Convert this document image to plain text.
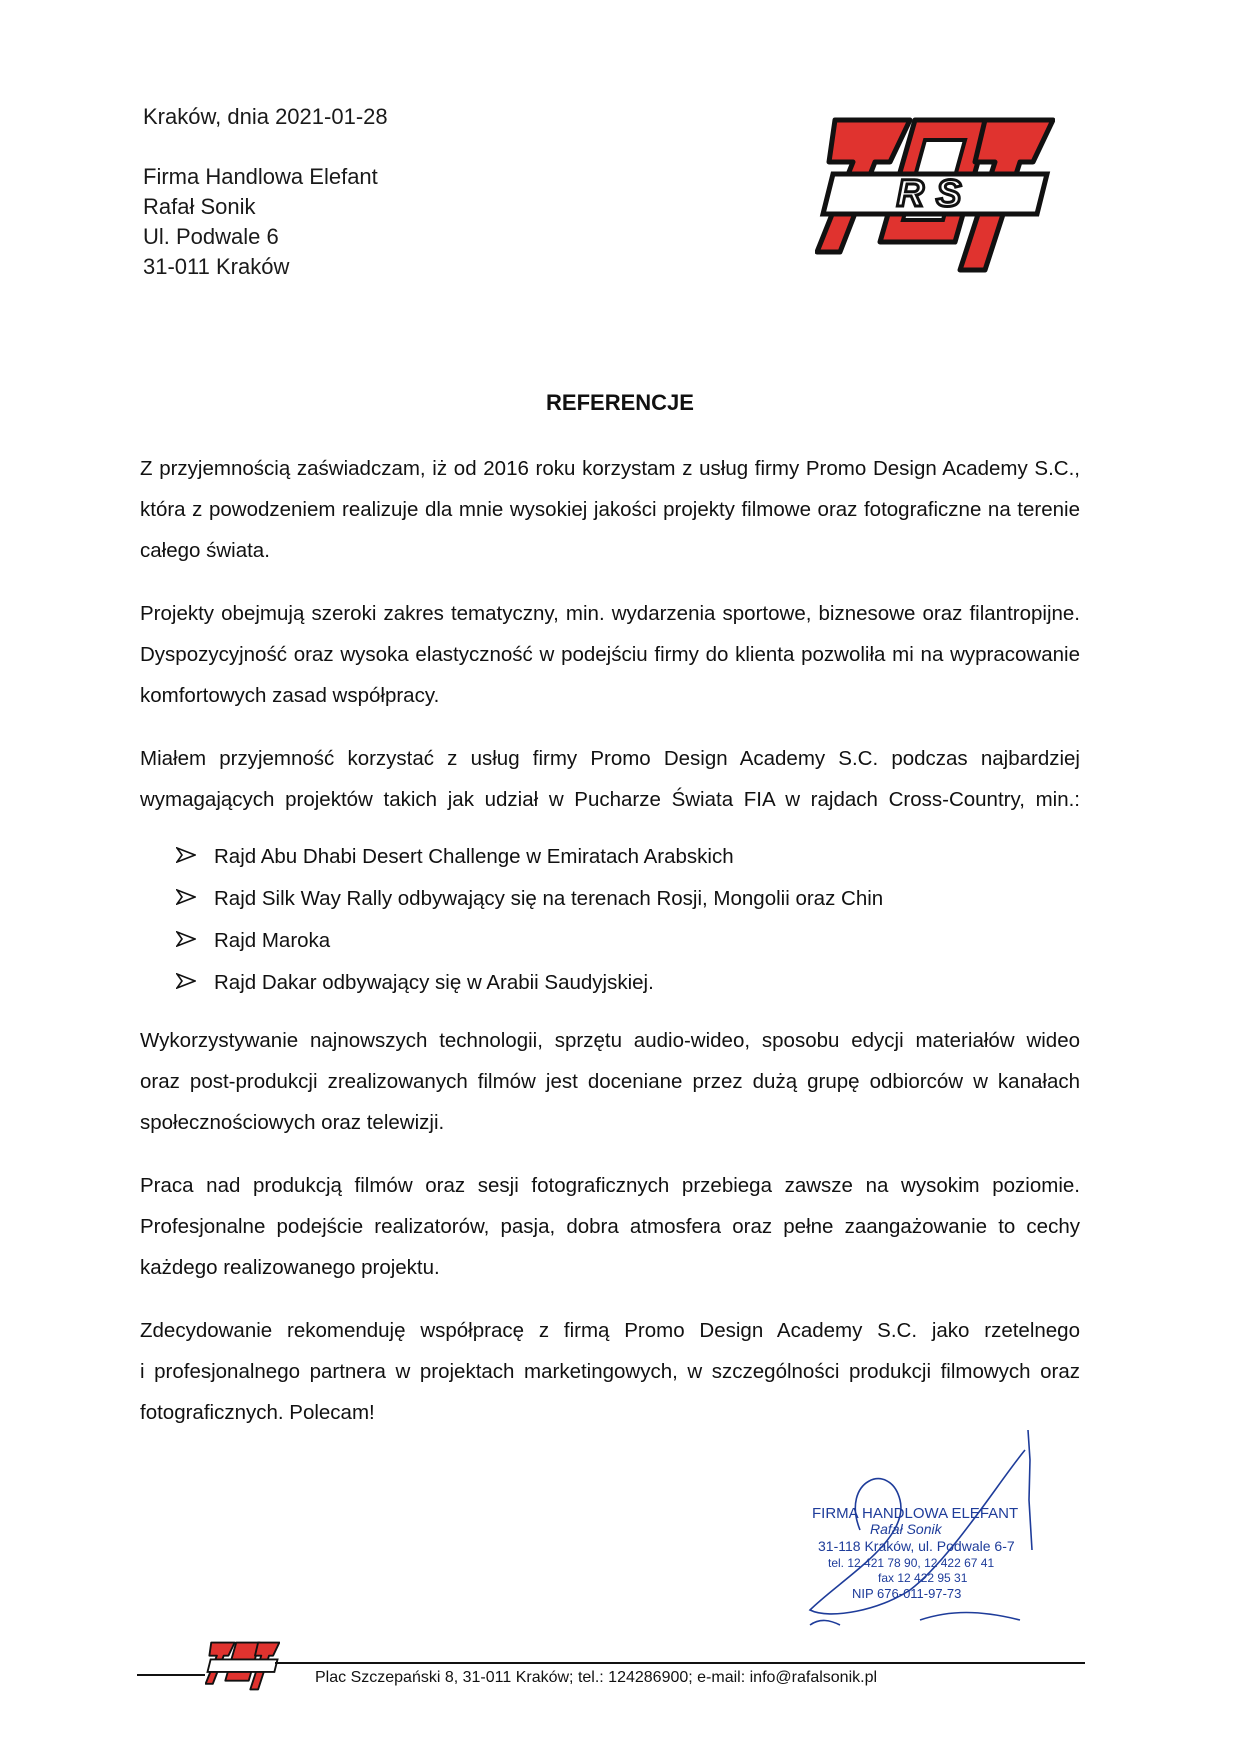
Kraków, dnia 2021-01-28
Firma Handlowa Elefant
Rafał Sonik
Ul. Podwale 6
31-011 Kraków
RS
REFERENCJE
Z przyjemnością zaświadczam, iż od 2016 roku korzystam z usług firmy Promo Design Academy S.C.,
która z powodzeniem realizuje dla mnie wysokiej jakości projekty filmowe oraz fotograficzne na terenie
całego świata.
Projekty obejmują szeroki zakres tematyczny, min. wydarzenia sportowe, biznesowe oraz filantropijne.
Dyspozycyjność oraz wysoka elastyczność w podejściu firmy do klienta pozwoliła mi na wypracowanie
komfortowych zasad współpracy.
Miałem przyjemność korzystać z usług firmy Promo Design Academy S.C. podczas najbardziej
wymagających projektów takich jak udział w Pucharze Świata FIA w rajdach Cross-Country, min.:
Rajd Abu Dhabi Desert Challenge w Emiratach Arabskich
Rajd Silk Way Rally odbywający się na terenach Rosji, Mongolii oraz Chin
Rajd Maroka
Rajd Dakar odbywający się w Arabii Saudyjskiej.
Wykorzystywanie najnowszych technologii, sprzętu audio-wideo, sposobu edycji materiałów wideo
oraz post-produkcji zrealizowanych filmów jest doceniane przez dużą grupę odbiorców w kanałach
społecznościowych oraz telewizji.
Praca nad produkcją filmów oraz sesji fotograficznych przebiega zawsze na wysokim poziomie.
Profesjonalne podejście realizatorów, pasja, dobra atmosfera oraz pełne zaangażowanie to cechy
każdego realizowanego projektu.
Zdecydowanie rekomenduję współpracę z firmą Promo Design Academy S.C. jako rzetelnego
i profesjonalnego partnera w projektach marketingowych, w szczególności produkcji filmowych oraz
fotograficznych. Polecam!
FIRMA HANDLOWA ELEFANT
Rafał Sonik
31-118 Kraków, ul. Podwale 6-7
tel. 12 421 78 90, 12 422 67 41
fax 12 422 95 31
NIP 676-011-97-73
Plac Szczepański 8, 31-011 Kraków; tel.: 124286900; e-mail: info@rafalsonik.pl
